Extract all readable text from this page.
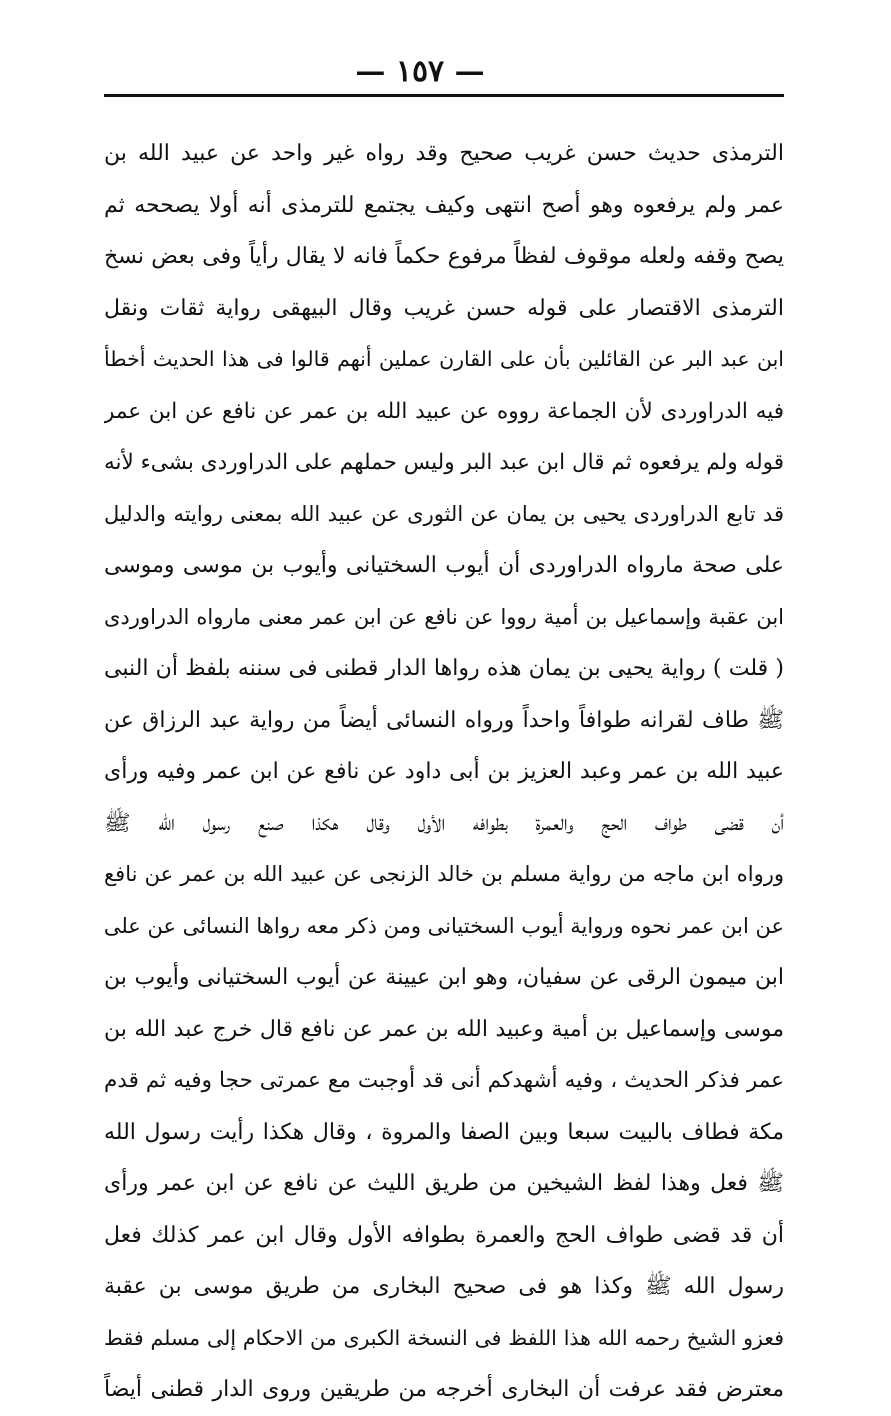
— ١٥٧ —
الترمذى حديث حسن غريب صحيح وقد رواه غير واحد عن عبيد الله بن
عمر ولم يرفعوه وهو أصح انتهى وكيف يجتمع للترمذى أنه أولا يصححه ثم
يصح وقفه ولعله موقوف لفظاً مرفوع حكماً فانه لا يقال رأياً وفى بعض نسخ
الترمذى الاقتصار على قوله حسن غريب وقال البيهقى رواية ثقات ونقل
ابن عبد البر عن القائلين بأن على القارن عملين أنهم قالوا فى هذا الحديث أخطأ
فيه الدراوردى لأن الجماعة رووه عن عبيد الله بن عمر عن نافع عن ابن عمر
قوله ولم يرفعوه ثم قال ابن عبد البر وليس حملهم على الدراوردى بشىء لأنه
قد تابع الدراوردى يحيى بن يمان عن الثورى عن عبيد الله بمعنى روايته والدليل
على صحة مارواه الدراوردى أن أيوب السختيانى وأيوب بن موسى وموسى
ابن عقبة وإسماعيل بن أمية رووا عن نافع عن ابن عمر معنى مارواه الدراوردى
( قلت ) رواية يحيى بن يمان هذه رواها الدار قطنى فى سننه بلفظ أن النبى
ﷺ طاف لقرانه طوافاً واحداً ورواه النسائى أيضاً من رواية عبد الرزاق عن
عبيد الله بن عمر وعبد العزيز بن أبى داود عن نافع عن ابن عمر وفيه ورأى
أن قضى طواف الحج والعمرة بطوافه الأول وقال هكذا صنع رسول الله ﷺ
ورواه ابن ماجه من رواية مسلم بن خالد الزنجى عن عبيد الله بن عمر عن نافع
عن ابن عمر نحوه ورواية أيوب السختيانى ومن ذكر معه رواها النسائى عن على
ابن ميمون الرقى عن سفيان، وهو ابن عيينة عن أيوب السختيانى وأيوب بن
موسى وإسماعيل بن أمية وعبيد الله بن عمر عن نافع قال خرج عبد الله بن
عمر فذكر الحديث ، وفيه أشهدكم أنى قد أوجبت مع عمرتى حجا وفيه ثم قدم
مكة فطاف بالبيت سبعا وبين الصفا والمروة ، وقال هكذا رأيت رسول الله
ﷺ فعل وهذا لفظ الشيخين من طريق الليث عن نافع عن ابن عمر ورأى
أن قد قضى طواف الحج والعمرة بطوافه الأول وقال ابن عمر كذلك فعل
رسول الله ﷺ وكذا هو فى صحيح البخارى من طريق موسى بن عقبة
فعزو الشيخ رحمه الله هذا اللفظ فى النسخة الكبرى من الاحكام إلى مسلم فقط
معترض فقد عرفت أن البخارى أخرجه من طريقين وروى الدار قطنى أيضاً
